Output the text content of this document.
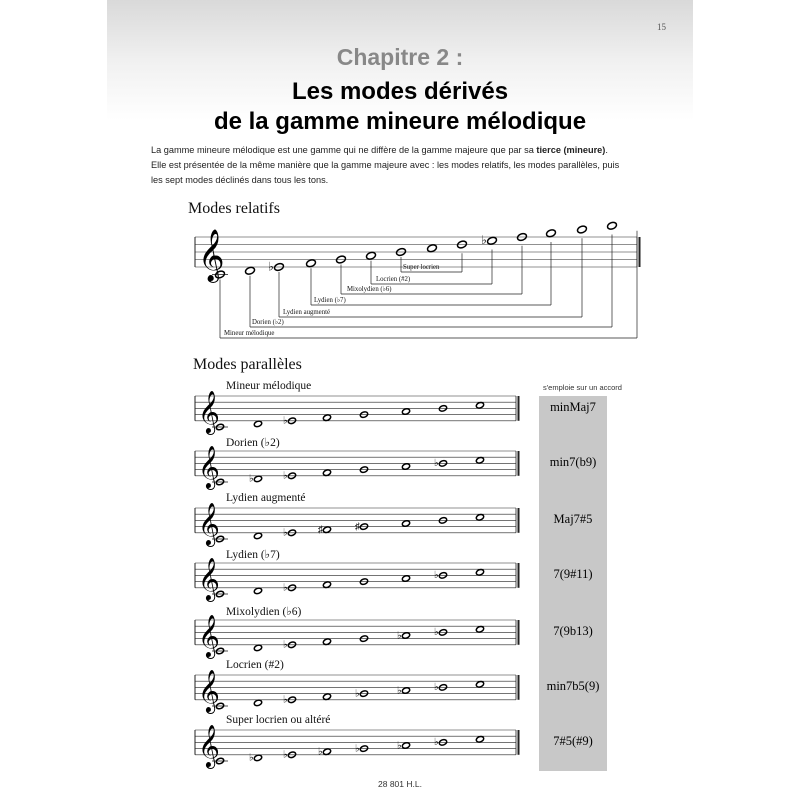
15
Chapitre 2 :
Les modes dérivés
de la gamme mineure mélodique
La gamme mineure mélodique est une gamme qui ne diffère de la gamme majeure que par sa tierce (mineure).
Elle est présentée de la même manière que la gamme majeure avec : les modes relatifs, les modes parallèles, puis
les sept modes déclinés dans tous les tons.
Modes relatifs
𝄞	♭
♭
Super locrien
Locrien (#2)
Mixolydien (♭6)
Lydien (♭7)
Lydien augmenté
Dorien (♭2)
Mineur mélodique
Modes parallèles
s'emploie sur un accord
Mineur mélodique
minMaj7
Dorien (♭2)
min7(b9)
Lydien augmenté
Maj7#5
Lydien (♭7)
7(9#11)
Mixolydien (♭6)
7(9b13)
Locrien (#2)
min7b5(9)
Super locrien ou altéré
7#5(#9)
𝄞	♭
𝄞	♭	♭
♭
𝄞	♭	♯	♯
𝄞	♭
♭
𝄞	♭
♭	♭
𝄞	♭
♭	♭	♭
𝄞	♭	♭	♭	♭	♭	♭
28 801 H.L.
